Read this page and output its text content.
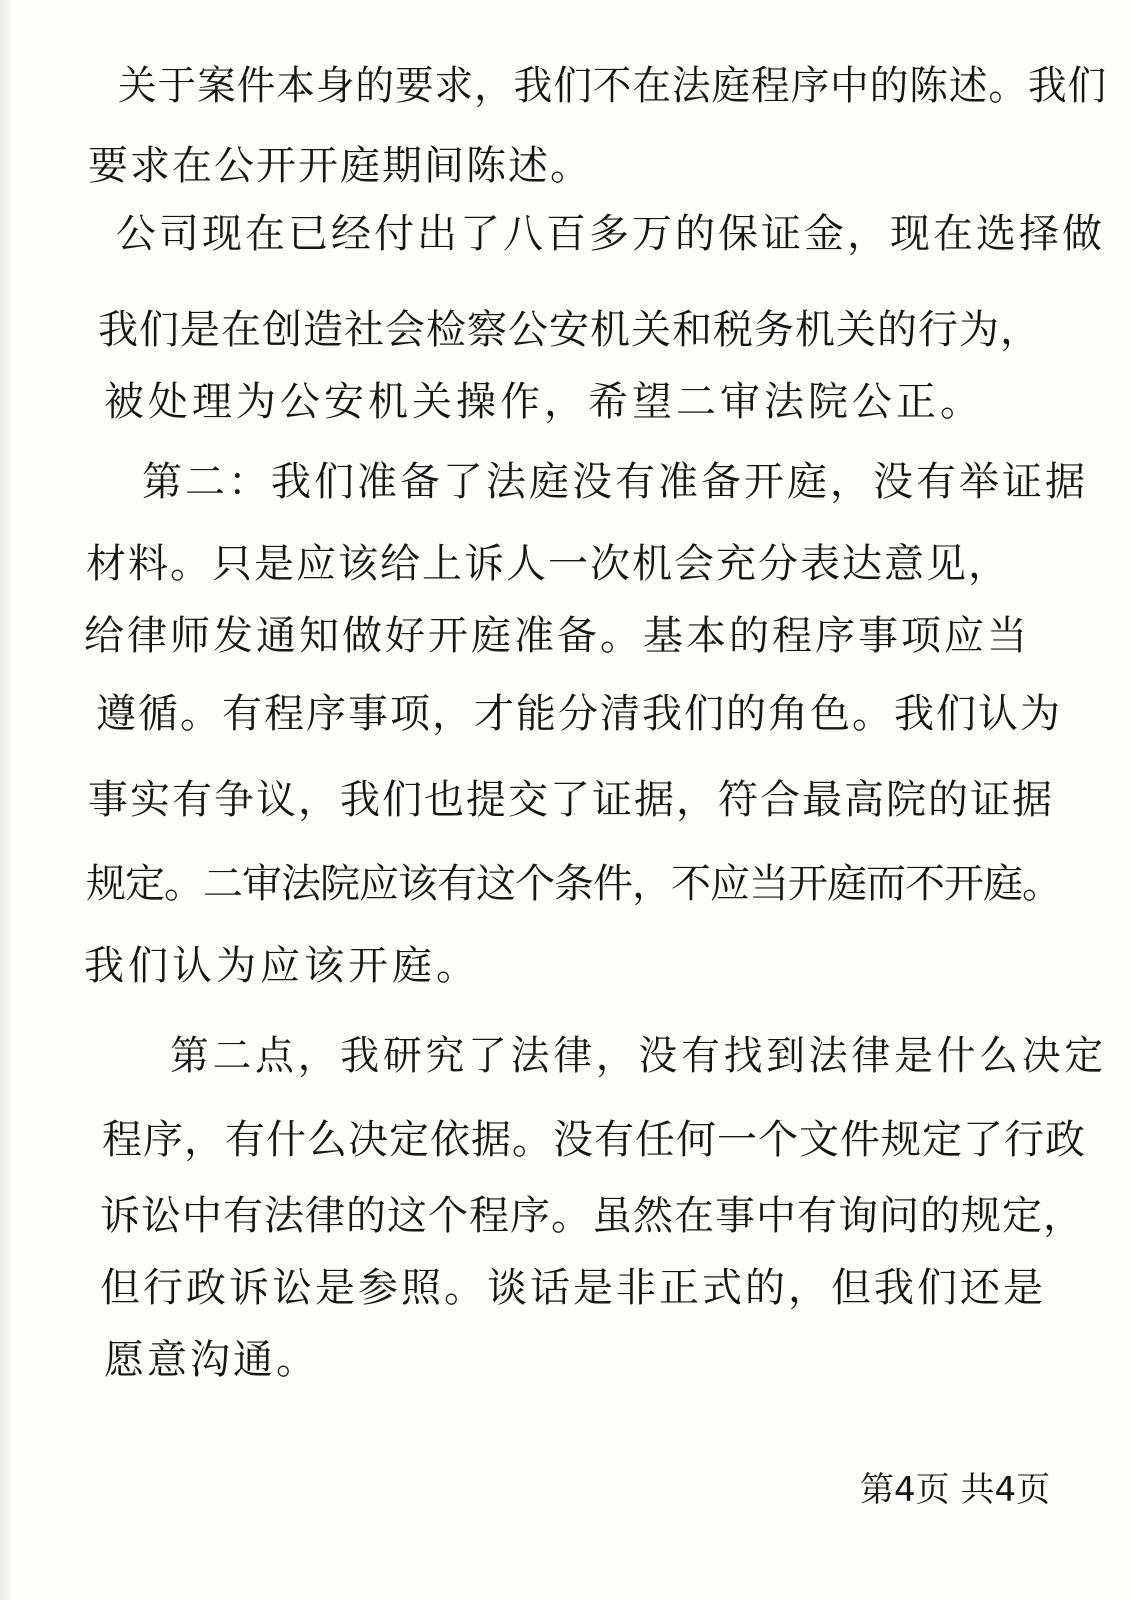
关于案件本身的要求，我们不在法庭程序中的陈述。我们
要求在公开开庭期间陈述。
公司现在已经付出了八百多万的保证金，现在选择做
我们是在创造社会检察公安机关和税务机关的行为，
被处理为公安机关操作，希望二审法院公正。
第二：我们准备了法庭没有准备开庭，没有举证据
材料。只是应该给上诉人一次机会充分表达意见，
给律师发通知做好开庭准备。基本的程序事项应当
遵循。有程序事项，才能分清我们的角色。我们认为
事实有争议，我们也提交了证据，符合最高院的证据
规定。二审法院应该有这个条件，不应当开庭而不开庭。
我们认为应该开庭。
第二点，我研究了法律，没有找到法律是什么决定
程序，有什么决定依据。没有任何一个文件规定了行政
诉讼中有法律的这个程序。虽然在事中有询问的规定，
但行政诉讼是参照。谈话是非正式的，但我们还是
愿意沟通。
第4页 共4页
